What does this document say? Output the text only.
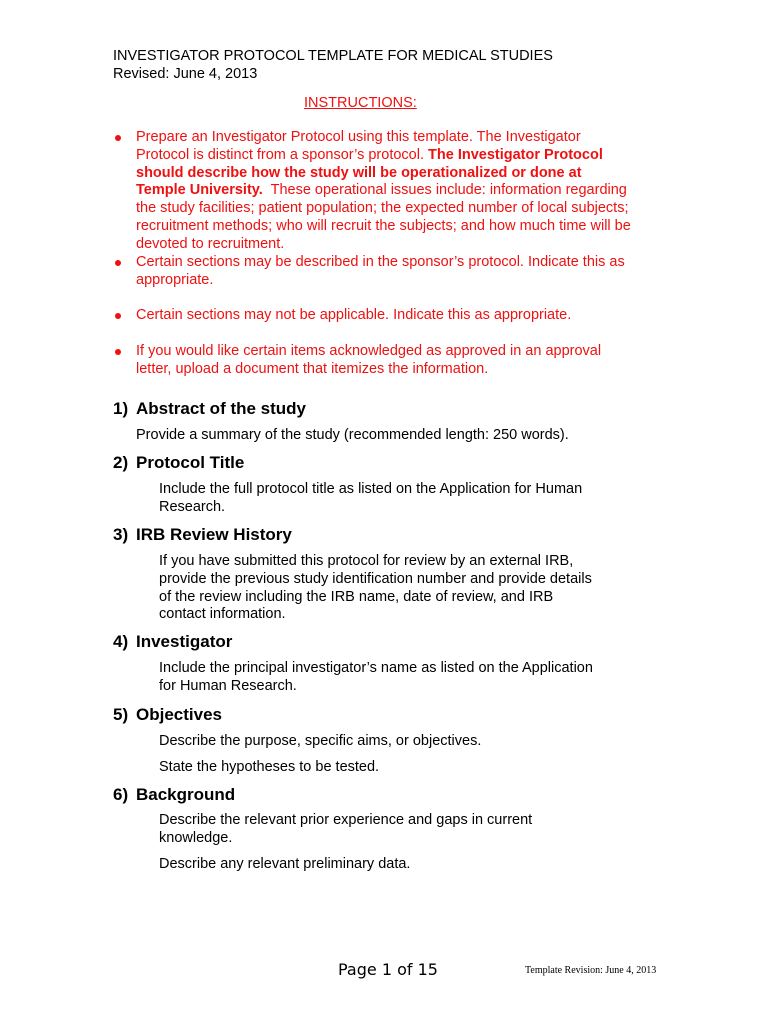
INVESTIGATOR PROTOCOL TEMPLATE FOR MEDICAL STUDIES
Revised: June 4, 2013
INSTRUCTIONS:
Prepare an Investigator Protocol using this template. The Investigator
Protocol is distinct from a sponsor’s protocol. The Investigator Protocol
should describe how the study will be operationalized or done at
Temple University.  These operational issues include: information regarding
the study facilities; patient population; the expected number of local subjects;
recruitment methods; who will recruit the subjects; and how much time will be
devoted to recruitment.
Certain sections may be described in the sponsor’s protocol. Indicate this as
appropriate.
Certain sections may not be applicable. Indicate this as appropriate.
If you would like certain items acknowledged as approved in an approval
letter, upload a document that itemizes the information.
1) Abstract of the study
Provide a summary of the study (recommended length: 250 words).
2) Protocol Title
Include the full protocol title as listed on the Application for Human
Research.
3) IRB Review History
If you have submitted this protocol for review by an external IRB,
provide the previous study identification number and provide details
of the review including the IRB name, date of review, and IRB
contact information.
4) Investigator
Include the principal investigator’s name as listed on the Application
for Human Research.
5) Objectives
Describe the purpose, specific aims, or objectives.
State the hypotheses to be tested.
6) Background
Describe the relevant prior experience and gaps in current
knowledge.
Describe any relevant preliminary data.
Page 1 of 15	Template Revision: June 4, 2013
